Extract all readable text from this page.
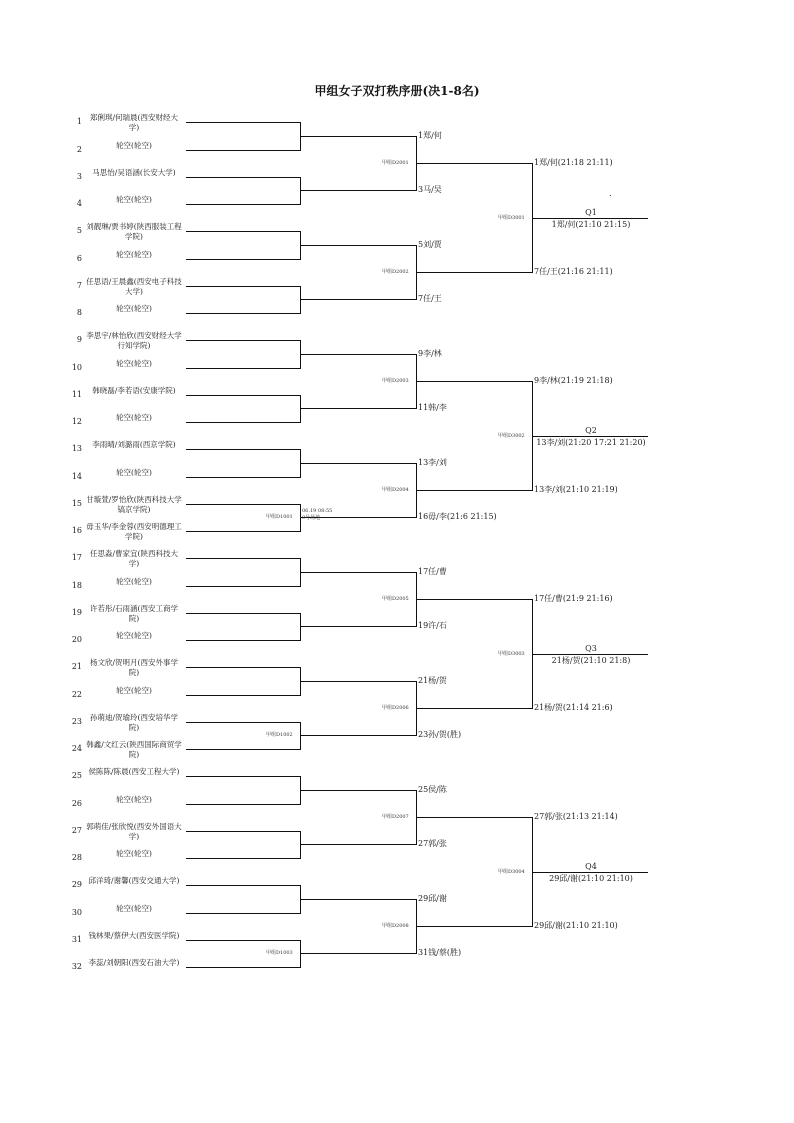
甲组女子双打秩序册(决1-8名)
1	郑俐琪/何瑞晨(西安财经大学)
2	轮空(轮空)
3	马思怡/吴语涵(长安大学)
4	轮空(轮空)
5 刘靓琳/贾书婷(陕西服装工程学院)
6	轮空(轮空)
7 任思语/王晨鑫(西安电子科技大学)
8	轮空(轮空)
9 李思宇/林怡欣(西安财经大学行知学院)
10	轮空(轮空)
11	韩晓磊/李若语(安康学院)
12	轮空(轮空)
13	李雨晴/刘潞雨(西京学院)
14	轮空(轮空)
15 甘璇萱/罗怡欣(陕西科技大学镐京学院)
16 毋玉华/李金蓉(西安明德理工学院)
17	任思淼/曹家宜(陕西科技大学)
18	轮空(轮空)
19	许若彤/石雨涵(西安工商学院)
20	轮空(轮空)
21	杨文欣/贺明月(西安外事学院)
22	轮空(轮空)
23	孙萌迪/贺瑜玲(西安培华学院)
24 韩鑫/文红云(陕西国际商贸学院)
25 侯陈陈/陈晨(西安工程大学)
26	轮空(轮空)
27 郭萌佳/张欣悦(西安外国语大学)
28	轮空(轮空)
29 邱洋琦/谢馨(西安交通大学)
30	轮空(轮空)
31 钱林果/蔡伊大(西安医学院)
32 李蕊/刘朝阳(西安石油大学)
甲组D1001
甲组D1002
甲组D1003
06.19 08:55
9号场地
1郑/何
3马/吴
5刘/贾
7任/王
9李/林
11韩/李
13李/刘
16毋/李(21:6 21:15)
17任/曹
19许/石
21杨/贺
23孙/贺(胜)
25侯/陈
27郭/张
29邱/谢
31钱/蔡(胜)
甲组D2001
甲组D2002
甲组D2003
甲组D2004
甲组D2005
甲组D2006
甲组D2007
甲组D2008
1郑/何(21:18 21:11)
7任/王(21:16 21:11)
9李/林(21:19 21:18)
13李/刘(21:10 21:19)
17任/曹(21:9 21:16)
21杨/贺(21:14 21:6)
27郭/张(21:13 21:14)
29邱/谢(21:10 21:10)
甲组D3001
Q1
1郑/何(21:10 21:15)
甲组D3002
Q2
13李/刘(21:20 17:21 21:20)
甲组D3003
Q3
21杨/贺(21:10 21:8)
甲组D3004
Q4
29邱/谢(21:10 21:10)
.
